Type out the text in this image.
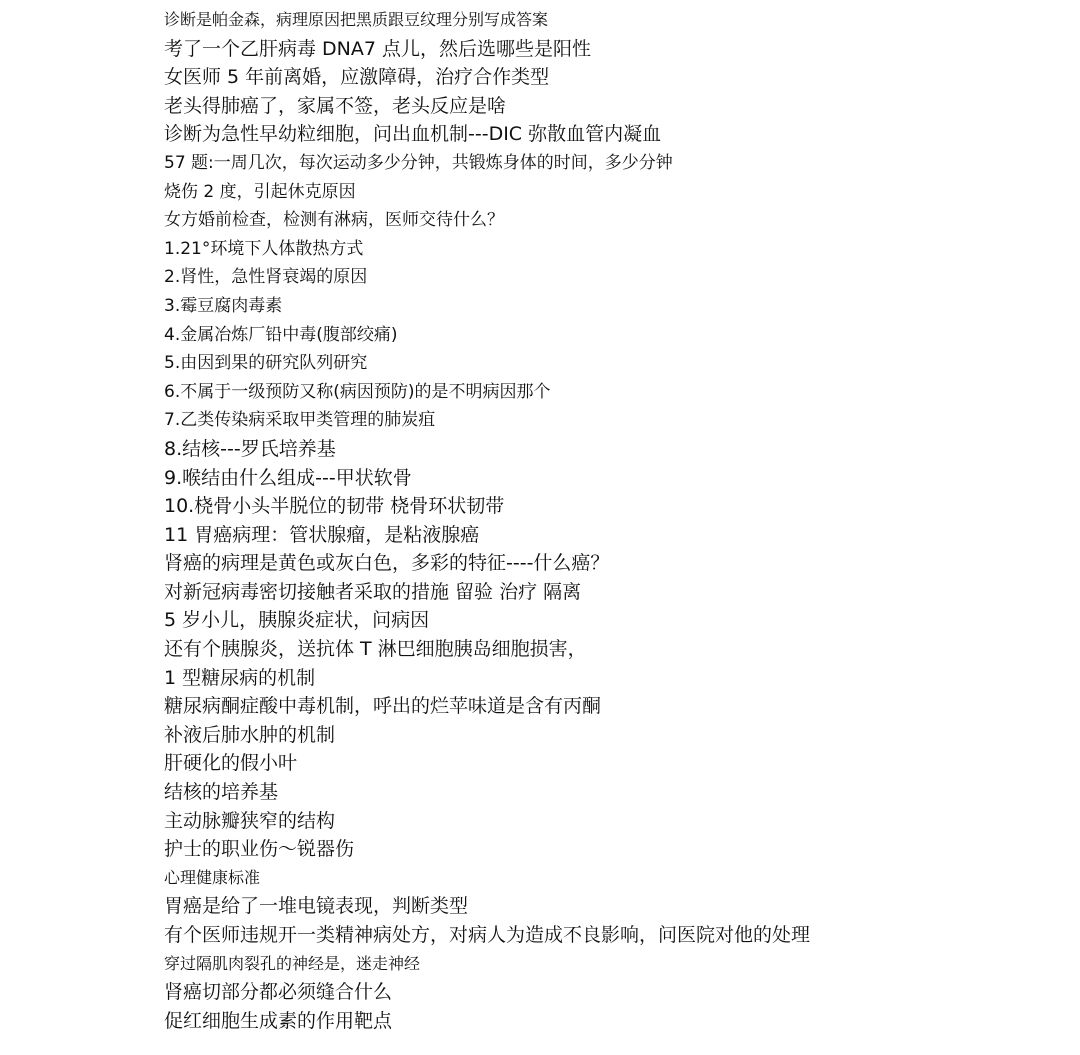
诊断是帕金森，病理原因把黑质跟豆纹理分别写成答案
考了一个乙肝病毒 DNA7 点儿，然后选哪些是阳性
女医师 5 年前离婚，应激障碍，治疗合作类型
老头得肺癌了，家属不签，老头反应是啥
诊断为急性早幼粒细胞，问出血机制---DIC 弥散血管内凝血
57 题:一周几次，每次运动多少分钟，共锻炼身体的时间，多少分钟
烧伤 2 度，引起休克原因
女方婚前检查，检测有淋病，医师交待什么？
1.21°环境下人体散热方式
2.肾性，急性肾衰竭的原因
3.霉豆腐肉毒素
4.金属冶炼厂铅中毒(腹部绞痛)
5.由因到果的研究队列研究
6.不属于一级预防又称(病因预防)的是不明病因那个
7.乙类传染病采取甲类管理的肺炭疽
8.结核---罗氏培养基
9.喉结由什么组成---甲状软骨
10.桡骨小头半脱位的韧带 桡骨环状韧带
11 胃癌病理：管状腺瘤，是粘液腺癌
肾癌的病理是黄色或灰白色，多彩的特征----什么癌？
对新冠病毒密切接触者采取的措施 留验 治疗 隔离
5 岁小儿，胰腺炎症状，问病因
还有个胰腺炎，送抗体 T 淋巴细胞胰岛细胞损害，
1 型糖尿病的机制
糖尿病酮症酸中毒机制，呼出的烂苹味道是含有丙酮
补液后肺水肿的机制
肝硬化的假小叶
结核的培养基
主动脉瓣狭窄的结构
护士的职业伤～锐器伤
心理健康标准
胃癌是给了一堆电镜表现，判断类型
有个医师违规开一类精神病处方，对病人为造成不良影响，问医院对他的处理
穿过隔肌肉裂孔的神经是，迷走神经
肾癌切部分都必须缝合什么
促红细胞生成素的作用靶点
